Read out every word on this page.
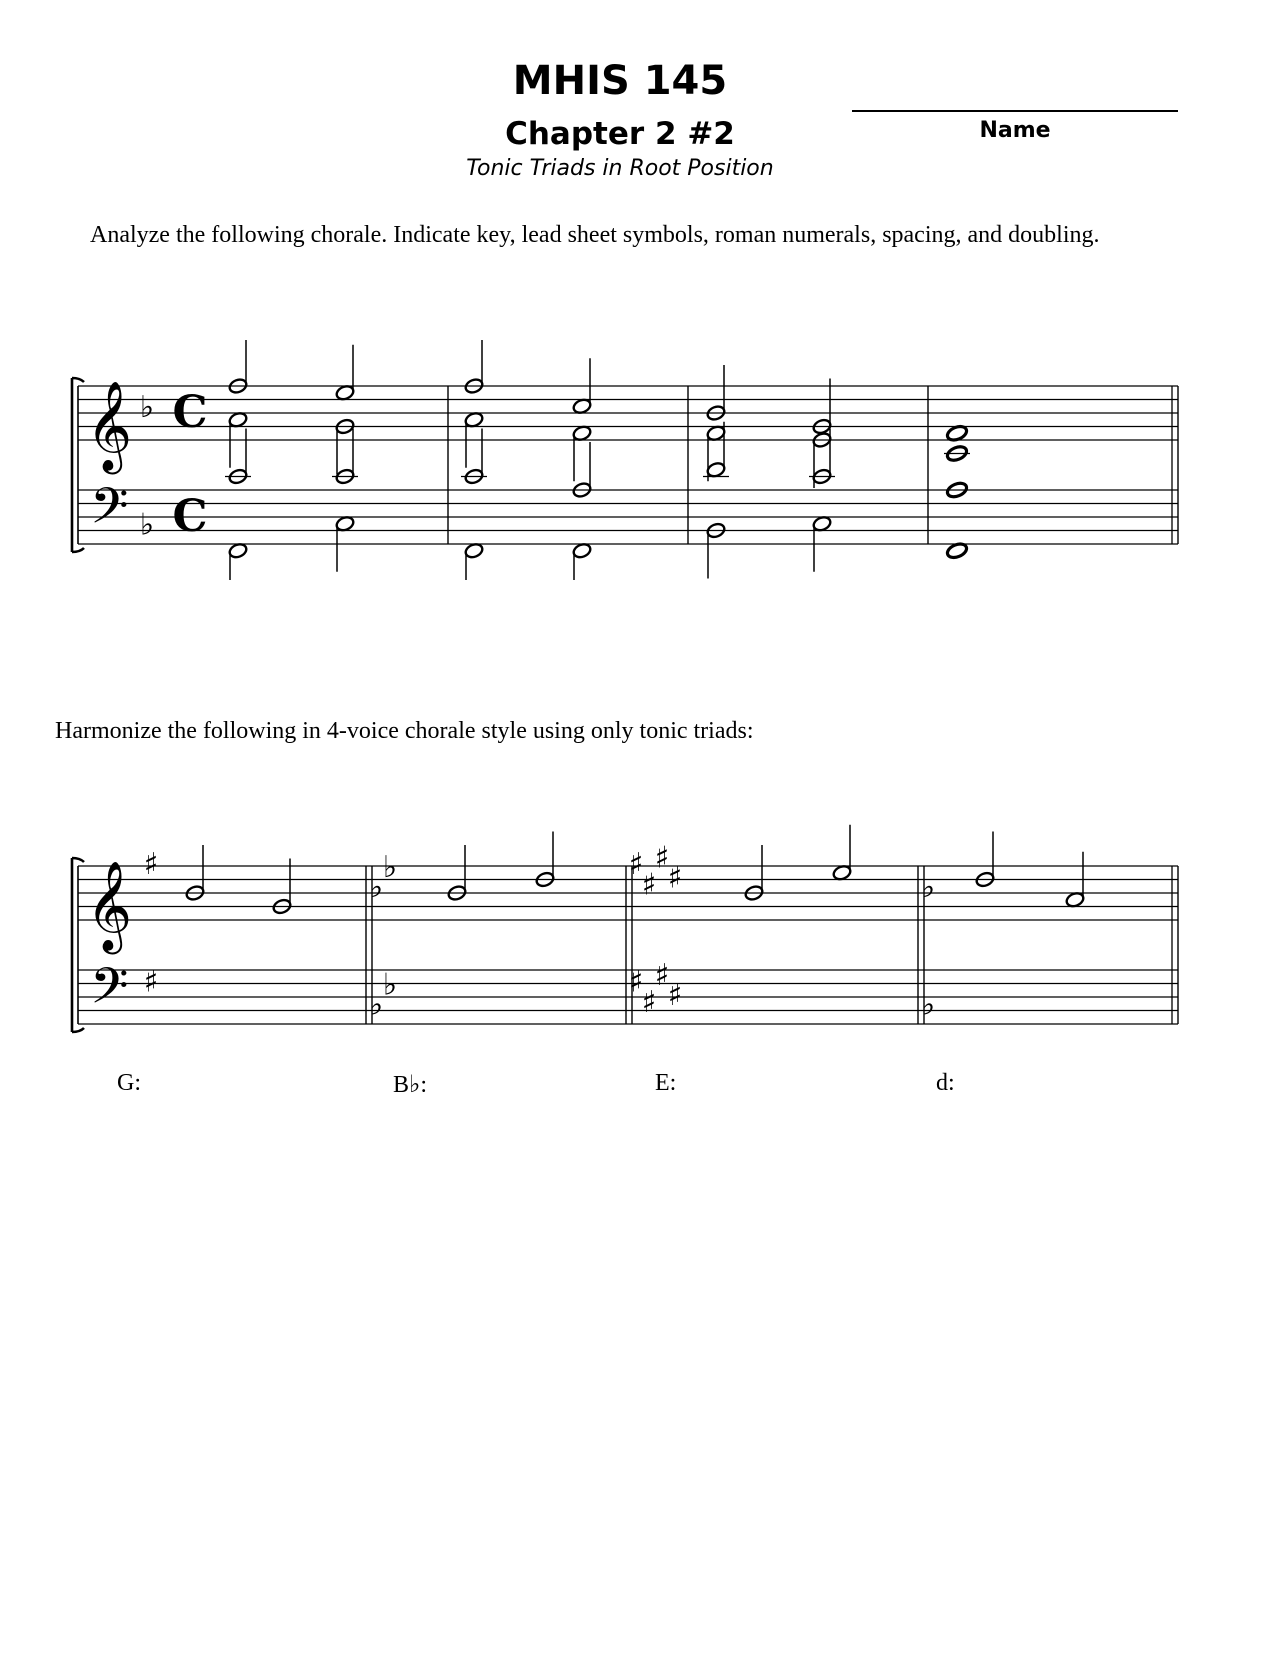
MHIS 145
Chapter 2 #2
Tonic Triads in Root Position
Name
Analyze the following chorale. Indicate key, lead sheet symbols, roman numerals, spacing, and doubling.
𝄞
𝄢
♭
♭
C
C
Harmonize the following in 4-voice chorale style using only tonic triads:
𝄞
𝄢
♯
♯
♭
♭
♭
♭
♯
♯
♯
♯
♯
♯
♯
♯
♭
♭
G:	B♭:	E:	d:
